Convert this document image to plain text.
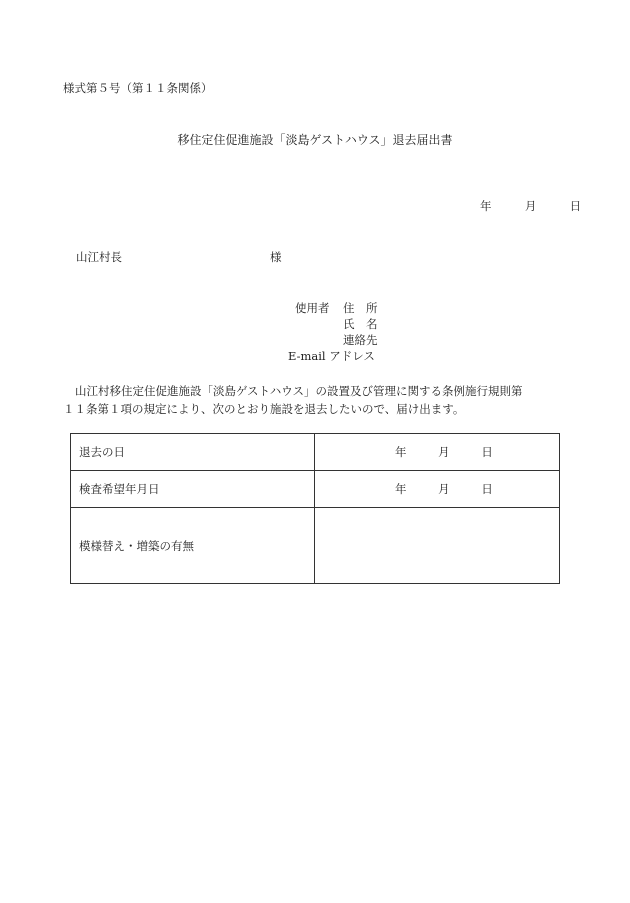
様式第５号（第１１条関係）
移住定住促進施設「淡島ゲストハウス」退去届出書
年	月	日
山江村長	様
使用者 住　所
氏　名
連絡先
E-mail アドレス

山江村移住定住促進施設「淡島ゲストハウス」の設置及び管理に関する条例施行規則第

１１条第１項の規定により、次のとおり施設を退去したいので、届け出ます。

退去の日	年 月 日
検査希望年月日	年 月 日
模様替え・増築の有無	
